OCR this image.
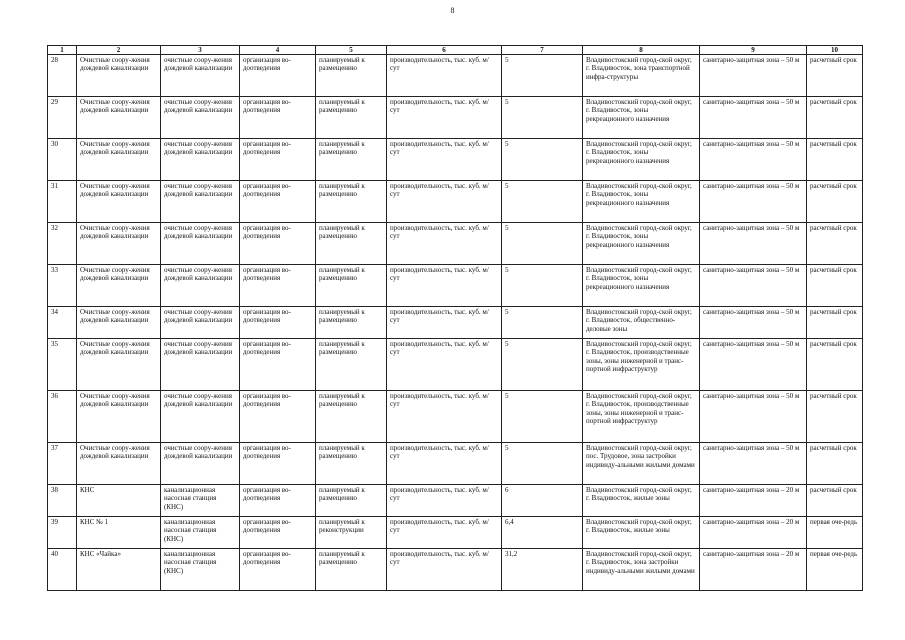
8
1	2	3	4	5	6	7	8	9	10
28	Очистные соору-жения дождевой канализации	очистные соору-жения дождевой канализации	организация во-доотведения	планируемый к размещению	производительность, тыс. куб. м/сут	5	Владивостокский город-ской округ, г. Владивосток, зона транспортной инфра-структуры	санитарно-защитная зона – 50 м	расчетный срок
29	Очистные соору-жения дождевой канализации	очистные соору-жения дождевой канализации	организация во-доотведения	планируемый к размещению	производительность, тыс. куб. м/сут	5	Владивостокский город-ской округ, г. Владивосток, зоны рекреационного назначения	санитарно-защитная зона – 50 м	расчетный срок
30	Очистные соору-жения дождевой канализации	очистные соору-жения дождевой канализации	организация во-доотведения	планируемый к размещению	производительность, тыс. куб. м/сут	5	Владивостокский город-ской округ, г. Владивосток, зоны рекреационного назначения	санитарно-защитная зона – 50 м	расчетный срок
31	Очистные соору-жения дождевой канализации	очистные соору-жения дождевой канализации	организация во-доотведения	планируемый к размещению	производительность, тыс. куб. м/сут	5	Владивостокский город-ской округ, г. Владивосток, зоны рекреационного назначения	санитарно-защитная зона – 50 м	расчетный срок
32	Очистные соору-жения дождевой канализации	очистные соору-жения дождевой канализации	организация во-доотведения	планируемый к размещению	производительность, тыс. куб. м/сут	5	Владивостокский город-ской округ, г. Владивосток, зоны рекреационного назначения	санитарно-защитная зона – 50 м	расчетный срок
33	Очистные соору-жения дождевой канализации	очистные соору-жения дождевой канализации	организация во-доотведения	планируемый к размещению	производительность, тыс. куб. м/сут	5	Владивостокский город-ской округ, г. Владивосток, зоны рекреационного назначения	санитарно-защитная зона – 50 м	расчетный срок
34	Очистные соору-жения дождевой канализации	очистные соору-жения дождевой канализации	организация во-доотведения	планируемый к размещению	производительность, тыс. куб. м/сут	5	Владивостокский город-ской округ, г. Владивосток, общественно-деловые зоны	санитарно-защитная зона – 50 м	расчетный срок
35	Очистные соору-жения дождевой канализации	очистные соору-жения дождевой канализации	организация во-доотведения	планируемый к размещению	производительность, тыс. куб. м/сут	5	Владивостокский город-ской округ, г. Владивосток, производственные зоны, зоны инженерной и транс-портной инфраструктур	санитарно-защитная зона – 50 м	расчетный срок
36	Очистные соору-жения дождевой канализации	очистные соору-жения дождевой канализации	организация во-доотведения	планируемый к размещению	производительность, тыс. куб. м/сут	5	Владивостокский город-ской округ, г. Владивосток, производственные зоны, зоны инженерной и транс-портной инфраструктур	санитарно-защитная зона – 50 м	расчетный срок
37	Очистные соору-жения дождевой канализации	очистные соору-жения дождевой канализации	организация во-доотведения	планируемый к размещению	производительность, тыс. куб. м/сут	5	Владивостокский город-ской округ, пос. Трудовое, зона застройки индивиду-альными жилыми домами	санитарно-защитная зона – 50 м	расчетный срок
38	КНС	канализационная насосная станция (КНС)	организация во-доотведения	планируемый к размещению	производительность, тыс. куб. м/сут	6	Владивостокский город-ской округ, г. Владивосток, жилые зоны	санитарно-защитная зона – 20 м	расчетный срок
39	КНС № 1	канализационная насосная станция (КНС)	организация во-доотведения	планируемый к реконструкции	производительность, тыс. куб. м/сут	6,4	Владивостокский город-ской округ, г. Владивосток, жилые зоны	санитарно-защитная зона – 20 м	первая оче-редь
40	КНС «Чайка»	канализационная насосная станция (КНС)	организация во-доотведения	планируемый к размещению	производительность, тыс. куб. м/сут	31,2	Владивостокский город-ской округ, г. Владивосток, зона застройки индивиду-альными жилыми домами	санитарно-защитная зона – 20 м	первая оче-редь
